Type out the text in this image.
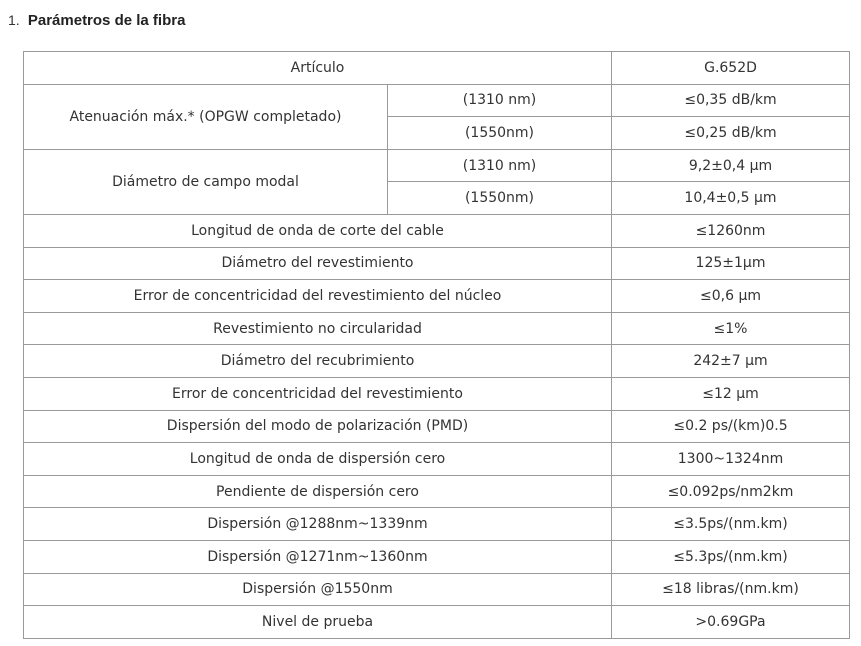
1. Parámetros de la fibra
Artículo		G.652D
Atenuación máx.* (OPGW completado)	(1310 nm)	≤0,35 dB/km
	(1550nm)	≤0,25 dB/km
Diámetro de campo modal	(1310 nm)	9,2±0,4 μm
	(1550nm)	10,4±0,5 μm
Longitud de onda de corte del cable		≤1260nm
Diámetro del revestimiento		125±1μm
Error de concentricidad del revestimiento del núcleo		≤0,6 μm
Revestimiento no circularidad		≤1%
Diámetro del recubrimiento		242±7 μm
Error de concentricidad del revestimiento		≤12 μm
Dispersión del modo de polarización (PMD)		≤0.2 ps/(km)0.5
Longitud de onda de dispersión cero		1300~1324nm
Pendiente de dispersión cero		≤0.092ps/nm2km
Dispersión @1288nm~1339nm		≤3.5ps/(nm.km)
Dispersión @1271nm~1360nm		≤5.3ps/(nm.km)
Dispersión @1550nm		≤18 libras/(nm.km)
Nivel de prueba		>0.69GPa
